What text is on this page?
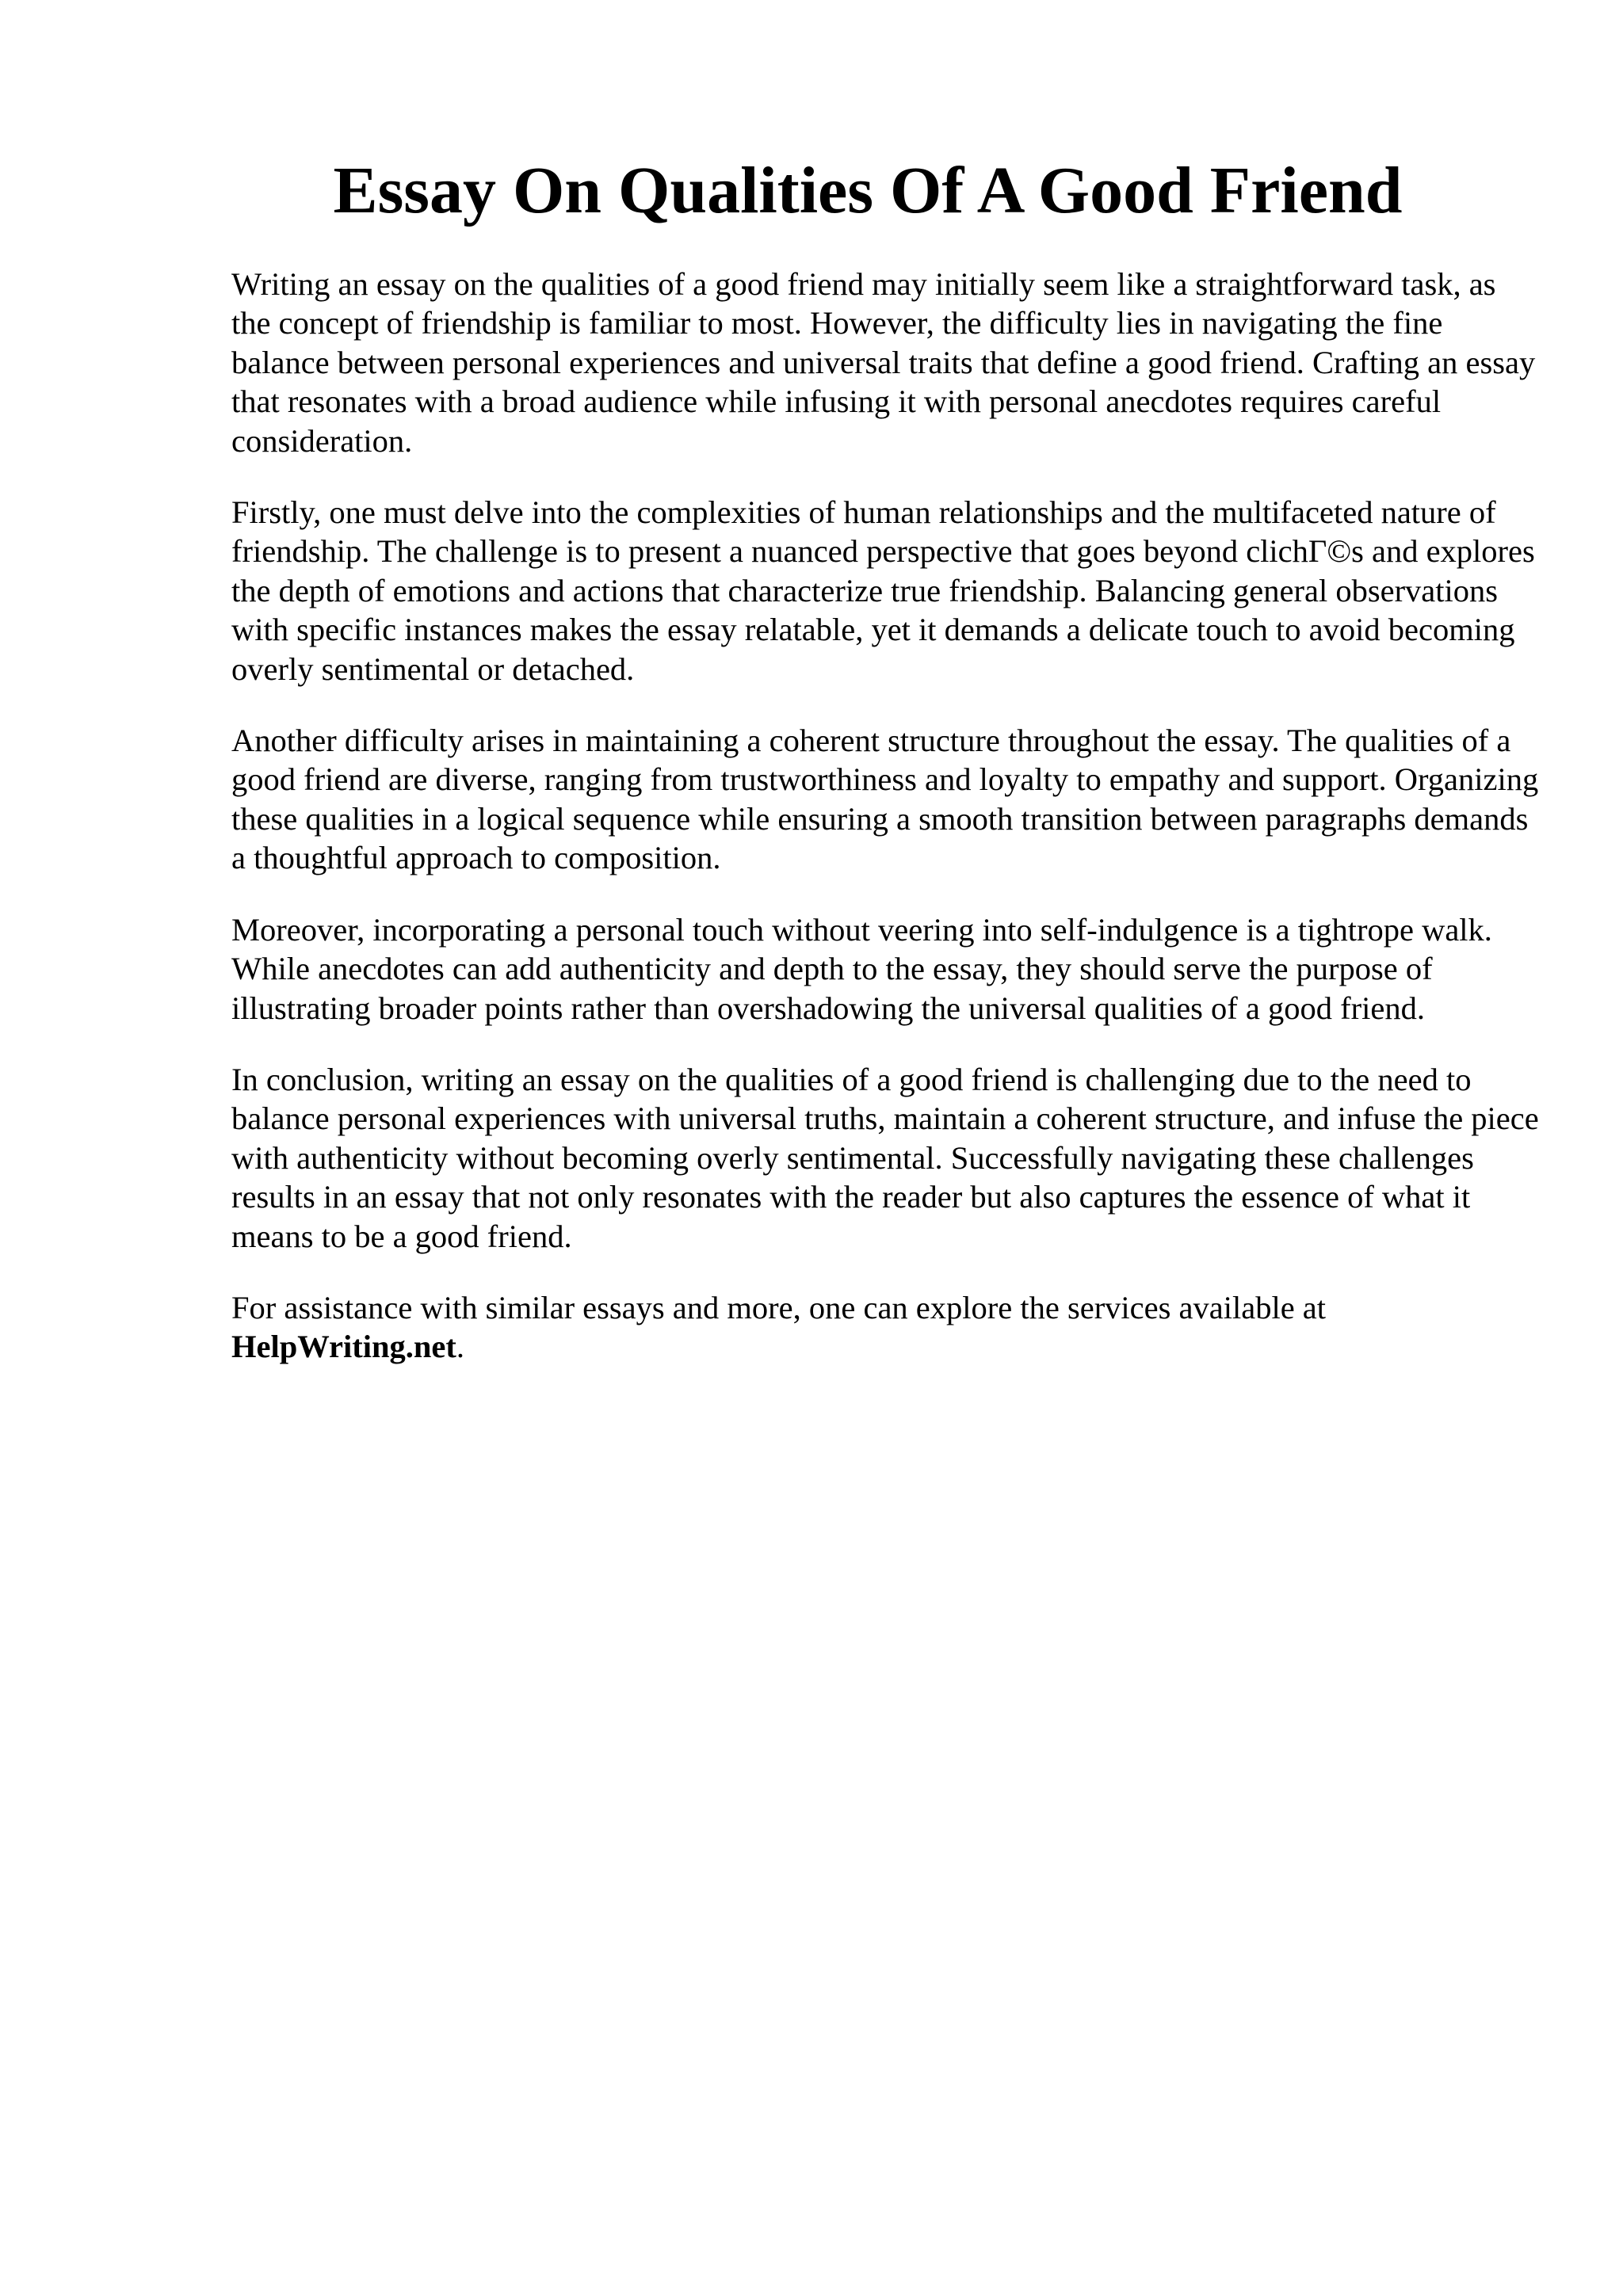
Essay On Qualities Of A Good Friend

Writing an essay on the qualities of a good friend may initially seem like a straightforward task, as the concept of friendship is familiar to most. However, the difficulty lies in navigating the fine balance between personal experiences and universal traits that define a good friend. Crafting an essay that resonates with a broad audience while infusing it with personal anecdotes requires careful consideration.

Firstly, one must delve into the complexities of human relationships and the multifaceted nature of friendship. The challenge is to present a nuanced perspective that goes beyond clichΓ©s and explores the depth of emotions and actions that characterize true friendship. Balancing general observations with specific instances makes the essay relatable, yet it demands a delicate touch to avoid becoming overly sentimental or detached.

Another difficulty arises in maintaining a coherent structure throughout the essay. The qualities of a good friend are diverse, ranging from trustworthiness and loyalty to empathy and support. Organizing these qualities in a logical sequence while ensuring a smooth transition between paragraphs demands a thoughtful approach to composition.

Moreover, incorporating a personal touch without veering into self-indulgence is a tightrope walk. While anecdotes can add authenticity and depth to the essay, they should serve the purpose of illustrating broader points rather than overshadowing the universal qualities of a good friend.

In conclusion, writing an essay on the qualities of a good friend is challenging due to the need to balance personal experiences with universal truths, maintain a coherent structure, and infuse the piece with authenticity without becoming overly sentimental. Successfully navigating these challenges results in an essay that not only resonates with the reader but also captures the essence of what it means to be a good friend.

For assistance with similar essays and more, one can explore the services available at HelpWriting.net.
